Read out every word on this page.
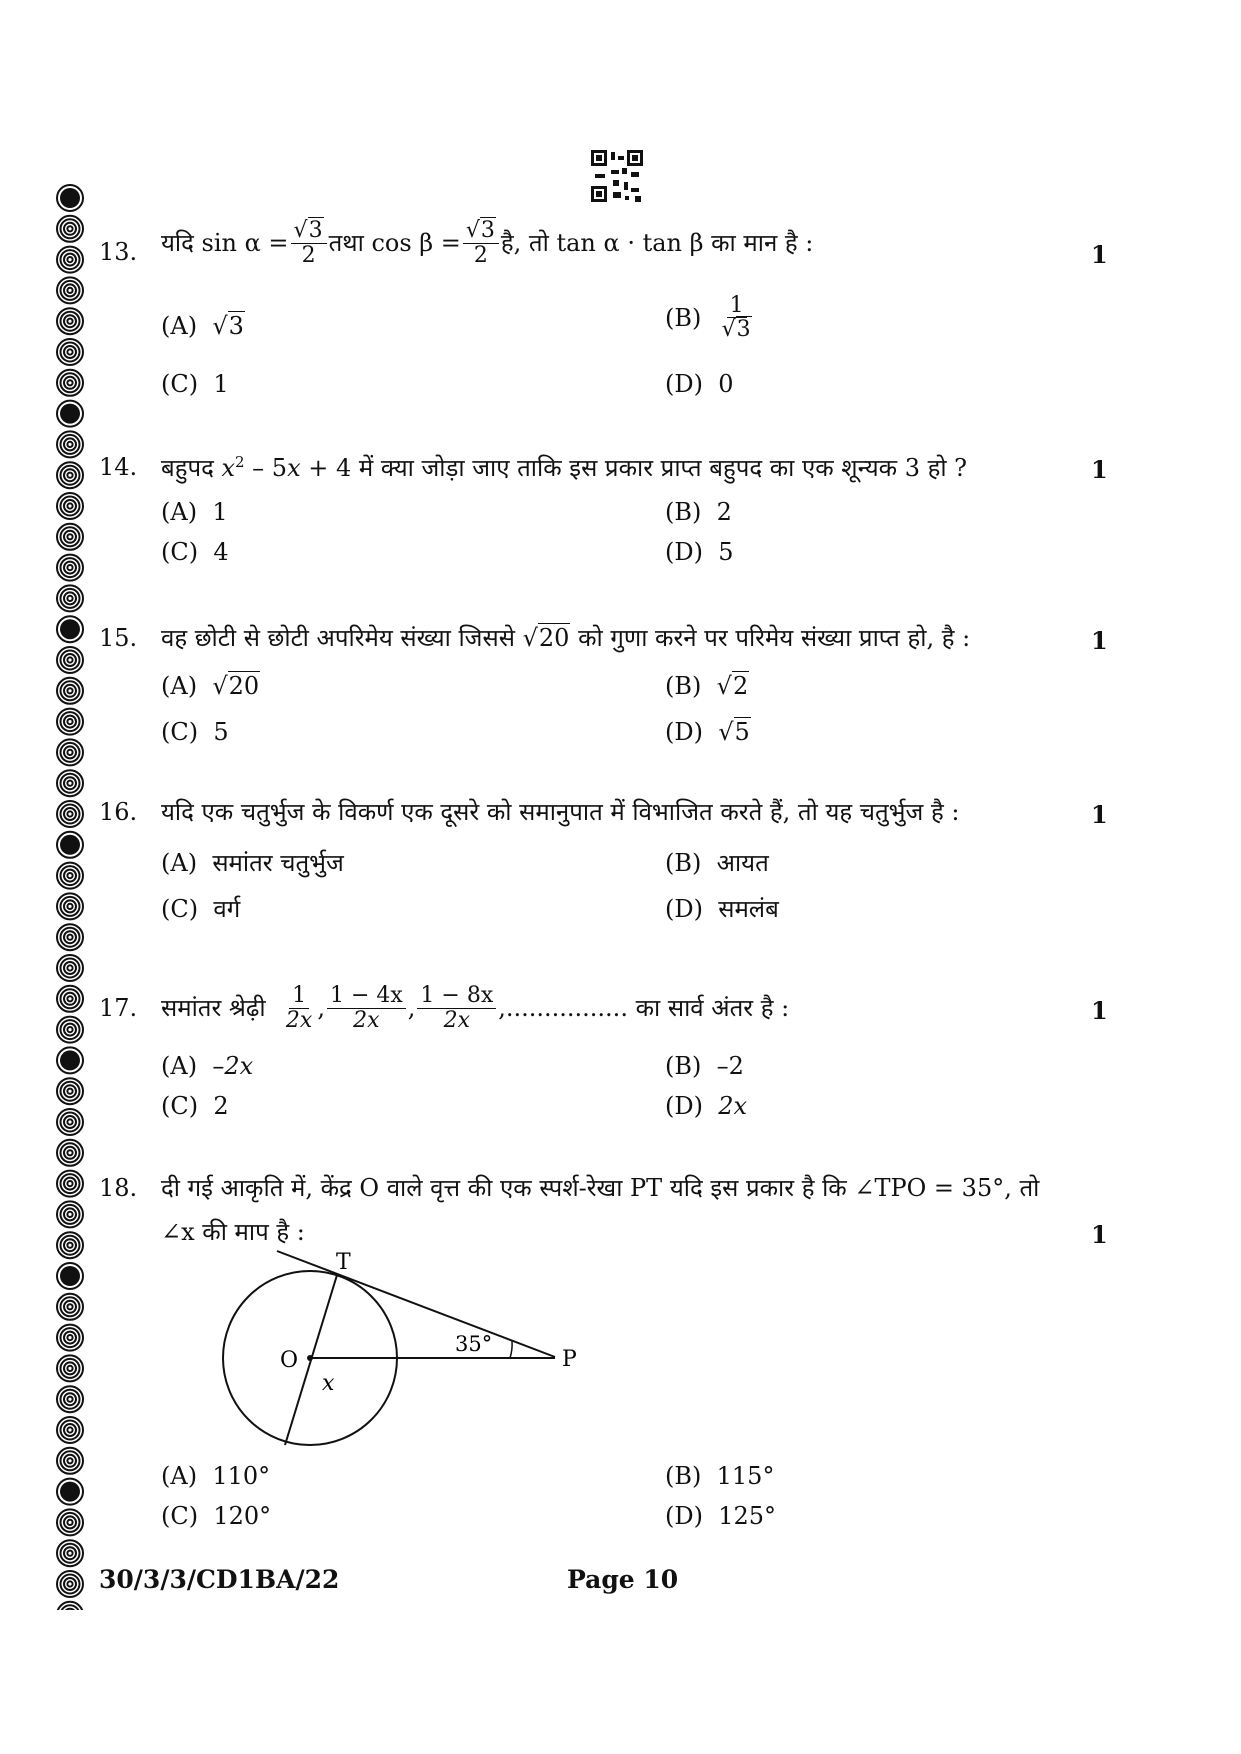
13. यदि $\sin \alpha = \frac{√3}{2}$ तथा $\cos \beta = \frac{√3}{2}$ है, तो tan α · tan β का मान है :	1
(A) √3	(B)
$\frac{1}{√3}$
(C) 1	(D) 0
14. बहुपद $x^2 - 5x + 4$ में क्या जोड़ा जाए ताकि इस प्रकार प्राप्त बहुपद का एक शून्यक 3 हो ?	1
(A) 1	(B) 2
(C) 4	(D) 5
15. वह छोटी से छोटी अपरिमेय संख्या जिससे √20 को गुणा करने पर परिमेय संख्या प्राप्त हो, है :	1
(A) √20	(B) √2
(C) 5	(D) √5
16. यदि एक चतुर्भुज के विकर्ण एक दूसरे को समानुपात में विभाजित करते हैं, तो यह चतुर्भुज है :	1
(A) समांतर चतुर्भुज	(B) आयत
(C) वर्ग	(D) समलंब
17. समांतर श्रेढ़ी
$\frac{1}{2x}$ , $\frac{1 - 4x}{2x}$ , $\frac{1 - 8x}{2x}$ ,................ का सार्व अंतर है :	1
(A) –2x	(B) –2
(C) 2	(D) 2x
18. दी गई आकृति में, केंद्र O वाले वृत्त की एक स्पर्श-रेखा PT यदि इस प्रकार है कि ∠TPO = 35°, तो
∠x की माप है :	1
T
O	P
x
35°
(A) 110°	(B) 115°
(C) 120°	(D) 125°
30/3/3/CD1BA/22	Page 10
